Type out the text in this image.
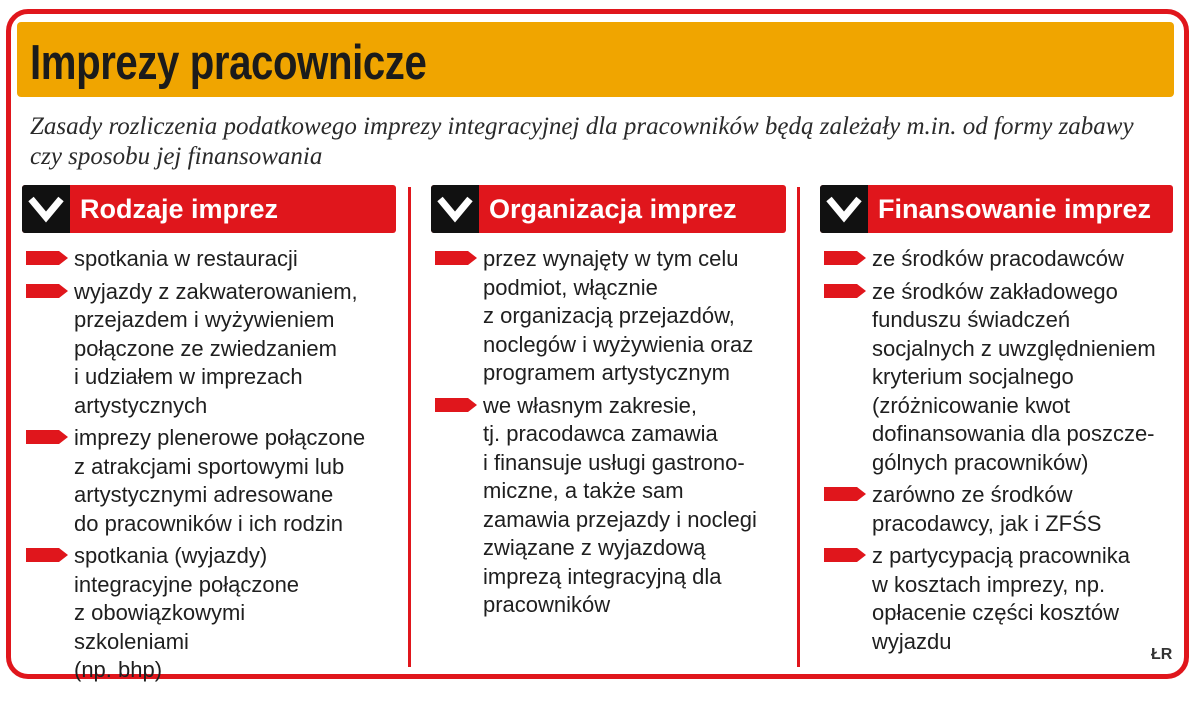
Imprezy pracownicze

Zasady rozliczenia podatkowego imprezy integracyjnej dla pracowników będą zależały m.in. od formy zabawy czy sposobu jej finansowania

Rodzaje imprez
spotkania w restauracji
wyjazdy z zakwaterowaniem,
przejazdem i wyżywieniem
połączone ze zwiedzaniem
i udziałem w imprezach
artystycznych
imprezy plenerowe połączone
z atrakcjami sportowymi lub
artystycznymi adresowane
do pracowników i ich rodzin
spotkania (wyjazdy)
integracyjne połączone
z obowiązkowymi szkoleniami
(np. bhp)
Organizacja imprez
przez wynajęty w tym celu
podmiot, włącznie
z organizacją przejazdów,
noclegów i wyżywienia oraz
programem artystycznym
we własnym zakresie,
tj. pracodawca zamawia
i finansuje usługi gastrono-
miczne, a także sam
zamawia przejazdy i noclegi
związane z wyjazdową
imprezą integracyjną dla
pracowników
Finansowanie imprez
ze środków pracodawców
ze środków zakładowego
funduszu świadczeń
socjalnych z uwzględnieniem
kryterium socjalnego
(zróżnicowanie kwot
dofinansowania dla poszcze-
gólnych pracowników)
zarówno ze środków
pracodawcy, jak i ZFŚS
z partycypacją pracownika
w kosztach imprezy, np.
opłacenie części kosztów
wyjazdu
ŁR
